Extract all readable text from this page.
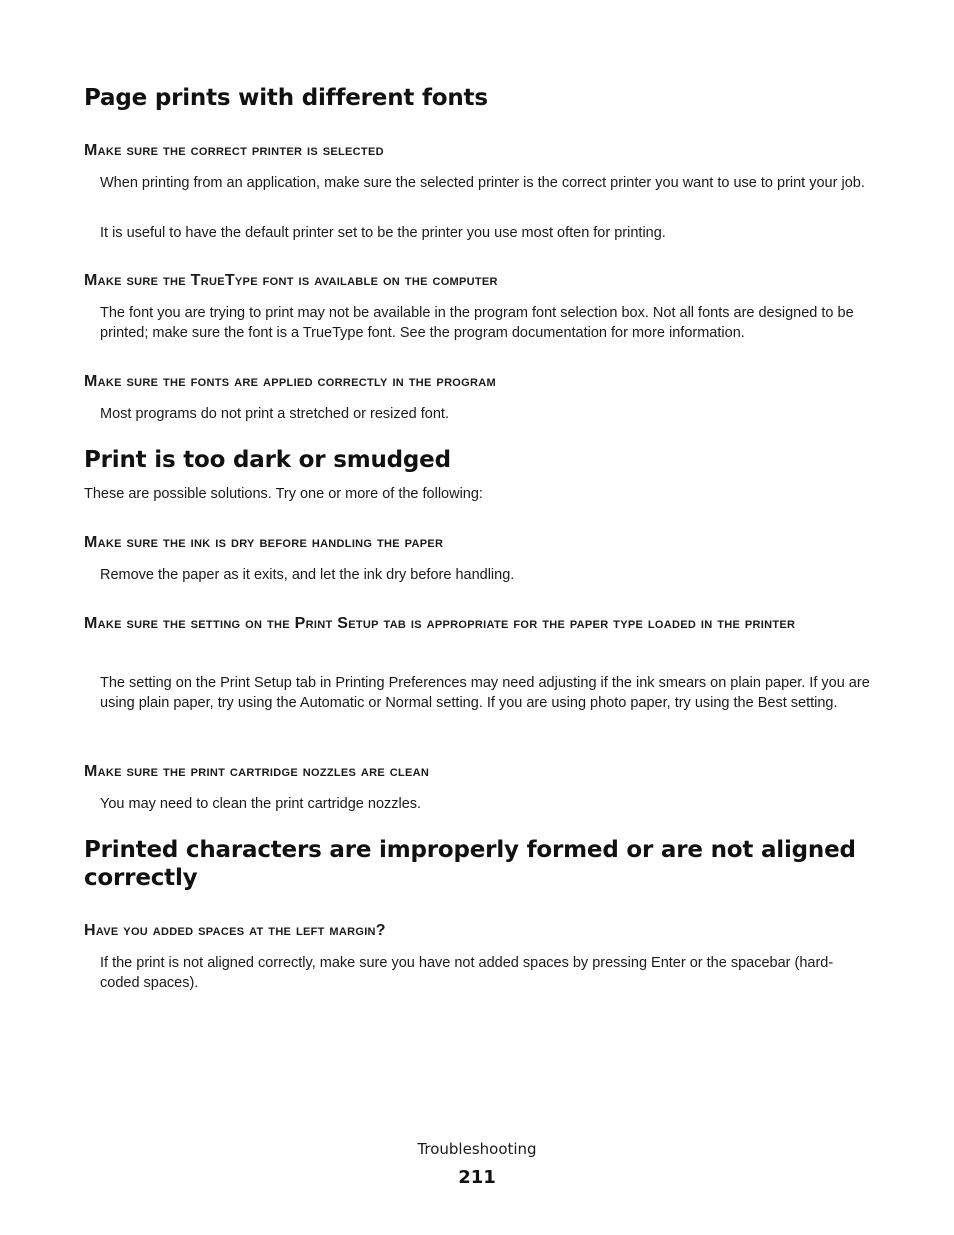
Page prints with different fonts
Make sure the correct printer is selected

When printing from an application, make sure the selected printer is the correct printer you want to use to print your job.

It is useful to have the default printer set to be the printer you use most often for printing.

Make sure the TrueType font is available on the computer

The font you are trying to print may not be available in the program font selection box. Not all fonts are designed to be printed; make sure the font is a TrueType font. See the program documentation for more information.

Make sure the fonts are applied correctly in the program

Most programs do not print a stretched or resized font.

Print is too dark or smudged

These are possible solutions. Try one or more of the following:

Make sure the ink is dry before handling the paper

Remove the paper as it exits, and let the ink dry before handling.

Make sure the setting on the Print Setup tab is appropriate for the paper type loaded in the printer

The setting on the Print Setup tab in Printing Preferences may need adjusting if the ink smears on plain paper. If you are using plain paper, try using the Automatic or Normal setting. If you are using photo paper, try using the Best setting.

Make sure the print cartridge nozzles are clean

You may need to clean the print cartridge nozzles.

Printed characters are improperly formed or are not aligned correctly
Have you added spaces at the left margin?

If the print is not aligned correctly, make sure you have not added spaces by pressing Enter or the spacebar (hard-coded spaces).

Troubleshooting
211
